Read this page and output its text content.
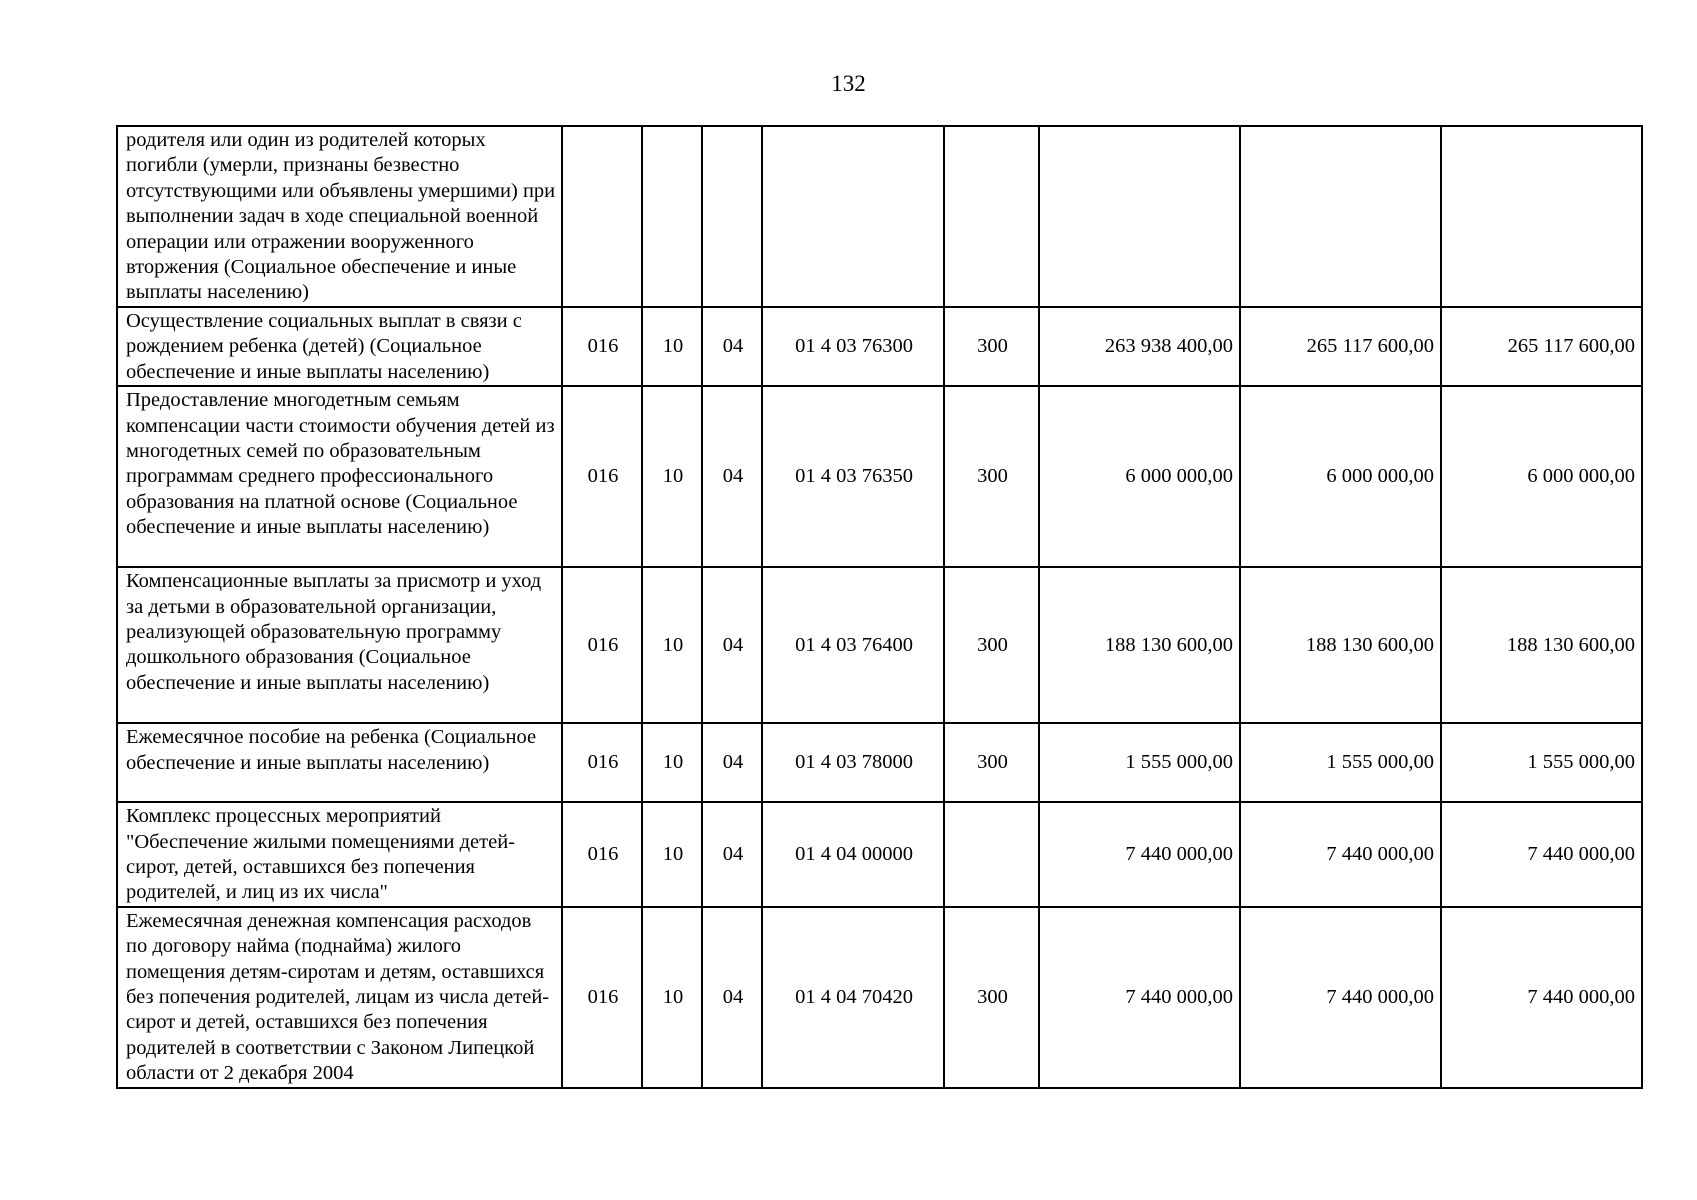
132
родителя или один из родителей которых погибли (умерли, признаны безвестно отсутствующими или объявлены умершими) при выполнении задач в ходе специальной военной операции или отражении вооруженного вторжения (Социальное обеспечение и иные выплаты населению)								
Осуществление социальных выплат в связи с рождением ребенка (детей) (Социальное обеспечение и иные выплаты населению)	016	10	04	01 4 03 76300	300	263 938 400,00	265 117 600,00	265 117 600,00
Предоставление многодетным семьям компенсации части стоимости обучения детей из многодетных семей по образовательным программам среднего профессионального образования на платной основе (Социальное обеспечение и иные выплаты населению)	016	10	04	01 4 03 76350	300	6 000 000,00	6 000 000,00	6 000 000,00
Компенсационные выплаты за присмотр и уход за детьми в образовательной организации, реализующей образовательную программу дошкольного образования (Социальное обеспечение и иные выплаты населению)	016	10	04	01 4 03 76400	300	188 130 600,00	188 130 600,00	188 130 600,00
Ежемесячное пособие на ребенка (Социальное обеспечение и иные выплаты населению)	016	10	04	01 4 03 78000	300	1 555 000,00	1 555 000,00	1 555 000,00
Комплекс процессных мероприятий "Обеспечение жилыми помещениями детей-сирот, детей, оставшихся без попечения родителей, и лиц из их числа"	016	10	04	01 4 04 00000		7 440 000,00	7 440 000,00	7 440 000,00
Ежемесячная денежная компенсация расходов по договору найма (поднайма) жилого помещения детям-сиротам и детям, оставшихся без попечения родителей, лицам из числа детей-сирот и детей, оставшихся без попечения родителей в соответствии с Законом Липецкой области от 2 декабря 2004	016	10	04	01 4 04 70420	300	7 440 000,00	7 440 000,00	7 440 000,00
